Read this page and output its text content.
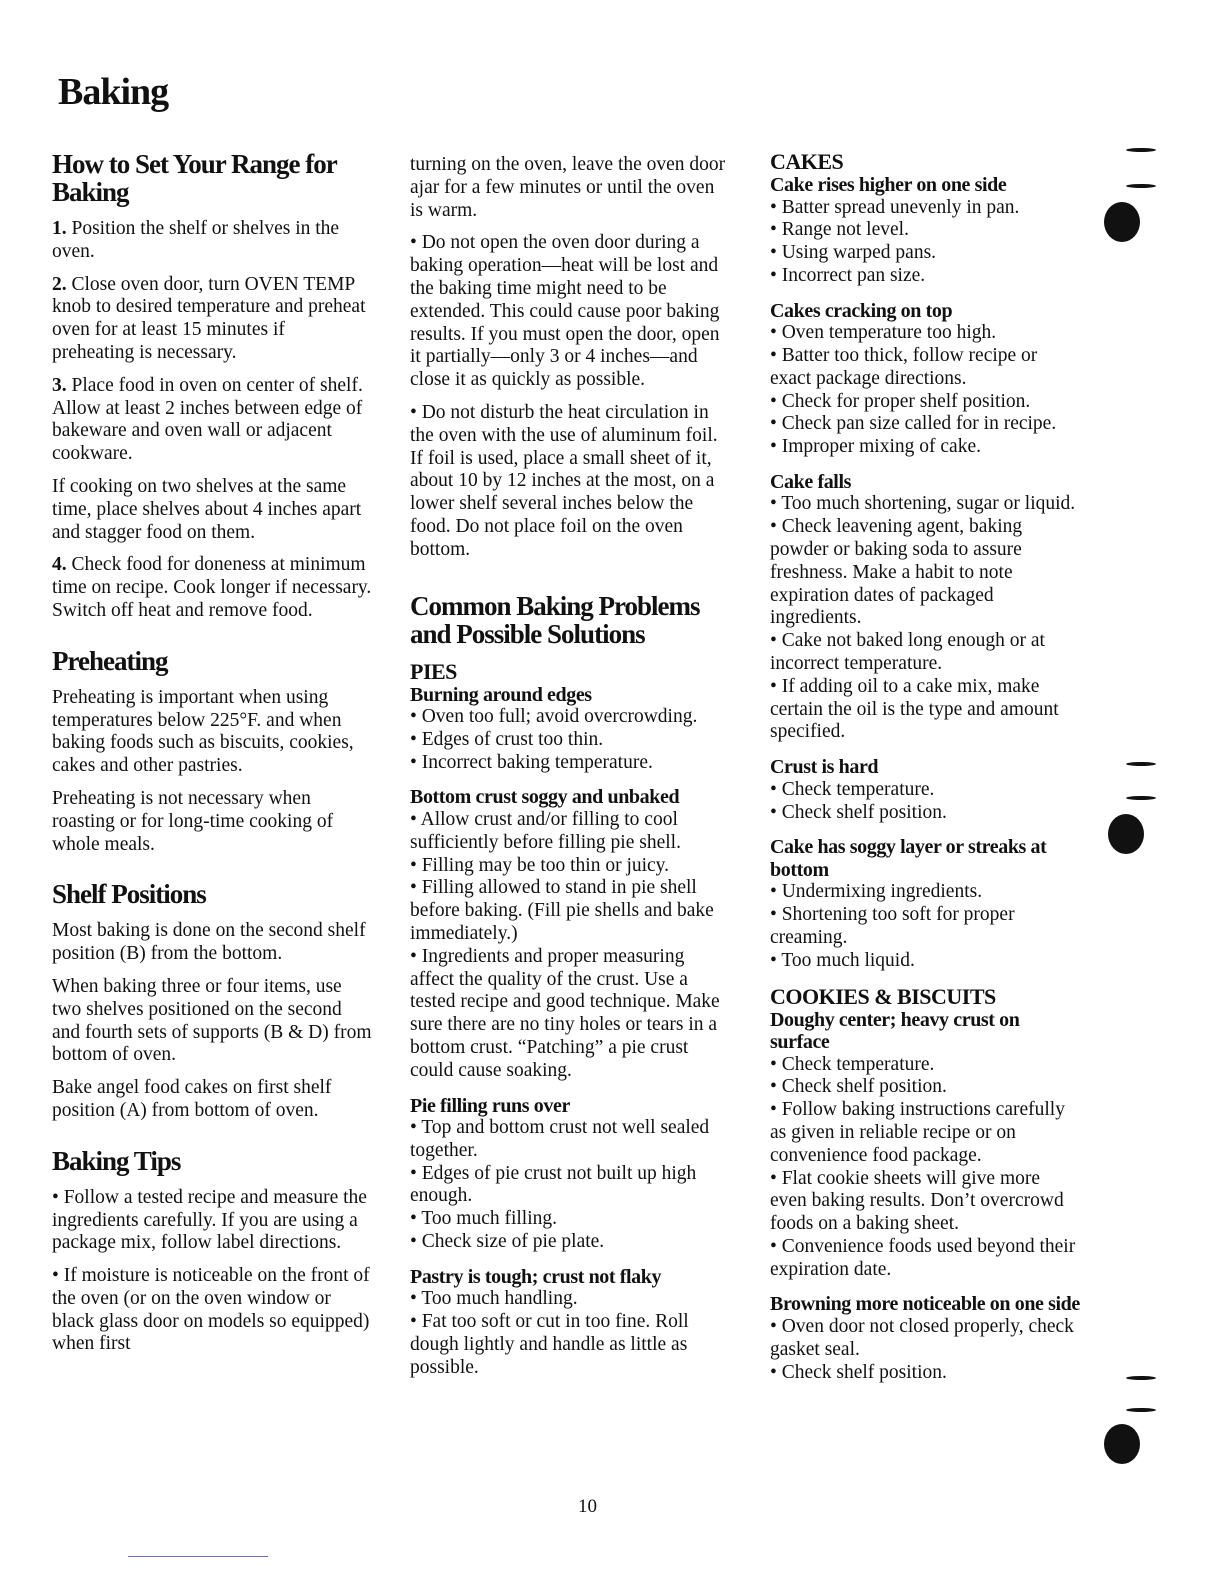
Baking
How to Set Your Range for Baking

1. Position the shelf or shelves in the oven.

2. Close oven door, turn OVEN TEMP knob to desired temperature and preheat oven for at least 15 minutes if preheating is necessary.

3. Place food in oven on center of shelf. Allow at least 2 inches between edge of bakeware and oven wall or adjacent cookware.

If cooking on two shelves at the same time, place shelves about 4 inches apart and stagger food on them.

4. Check food for doneness at minimum time on recipe. Cook longer if necessary. Switch off heat and remove food.

Preheating

Preheating is important when using temperatures below 225°F. and when baking foods such as biscuits, cookies, cakes and other pastries.

Preheating is not necessary when roasting or for long-time cooking of whole meals.

Shelf Positions

Most baking is done on the second shelf position (B) from the bottom.

When baking three or four items, use two shelves positioned on the second and fourth sets of supports (B & D) from bottom of oven.

Bake angel food cakes on first shelf position (A) from bottom of oven.

Baking Tips

• Follow a tested recipe and measure the ingredients carefully. If you are using a package mix, follow label directions.

• If moisture is noticeable on the front of the oven (or on the oven window or black glass door on models so equipped) when first

turning on the oven, leave the oven door ajar for a few minutes or until the oven is warm.

• Do not open the oven door during a baking operation—heat will be lost and the baking time might need to be extended. This could cause poor baking results. If you must open the door, open it partially—only 3 or 4 inches—and close it as quickly as possible.

• Do not disturb the heat circulation in the oven with the use of aluminum foil. If foil is used, place a small sheet of it, about 10 by 12 inches at the most, on a lower shelf several inches below the food. Do not place foil on the oven bottom.

Common Baking Problems and Possible Solutions
PIES
Burning around edges

• Oven too full; avoid overcrowding.

• Edges of crust too thin.

• Incorrect baking temperature.

Bottom crust soggy and unbaked

• Allow crust and/or filling to cool sufficiently before filling pie shell.

• Filling may be too thin or juicy.

• Filling allowed to stand in pie shell before baking. (Fill pie shells and bake immediately.)

• Ingredients and proper measuring affect the quality of the crust. Use a tested recipe and good technique. Make sure there are no tiny holes or tears in a bottom crust. “Patching” a pie crust could cause soaking.

Pie filling runs over

• Top and bottom crust not well sealed together.

• Edges of pie crust not built up high enough.

• Too much filling.

• Check size of pie plate.

Pastry is tough; crust not flaky

• Too much handling.

• Fat too soft or cut in too fine. Roll dough lightly and handle as little as possible.

CAKES
Cake rises higher on one side

• Batter spread unevenly in pan.

• Range not level.

• Using warped pans.

• Incorrect pan size.

Cakes cracking on top

• Oven temperature too high.

• Batter too thick, follow recipe or exact package directions.

• Check for proper shelf position.

• Check pan size called for in recipe.

• Improper mixing of cake.

Cake falls

• Too much shortening, sugar or liquid.

• Check leavening agent, baking powder or baking soda to assure freshness. Make a habit to note expiration dates of packaged ingredients.

• Cake not baked long enough or at incorrect temperature.

• If adding oil to a cake mix, make certain the oil is the type and amount specified.

Crust is hard

• Check temperature.

• Check shelf position.

Cake has soggy layer or streaks at bottom

• Undermixing ingredients.

• Shortening too soft for proper creaming.

• Too much liquid.

COOKIES & BISCUITS
Doughy center; heavy crust on surface

• Check temperature.

• Check shelf position.

• Follow baking instructions carefully as given in reliable recipe or on convenience food package.

• Flat cookie sheets will give more even baking results. Don’t overcrowd foods on a baking sheet.

• Convenience foods used beyond their expiration date.

Browning more noticeable on one side

• Oven door not closed properly, check gasket seal.

• Check shelf position.

10
